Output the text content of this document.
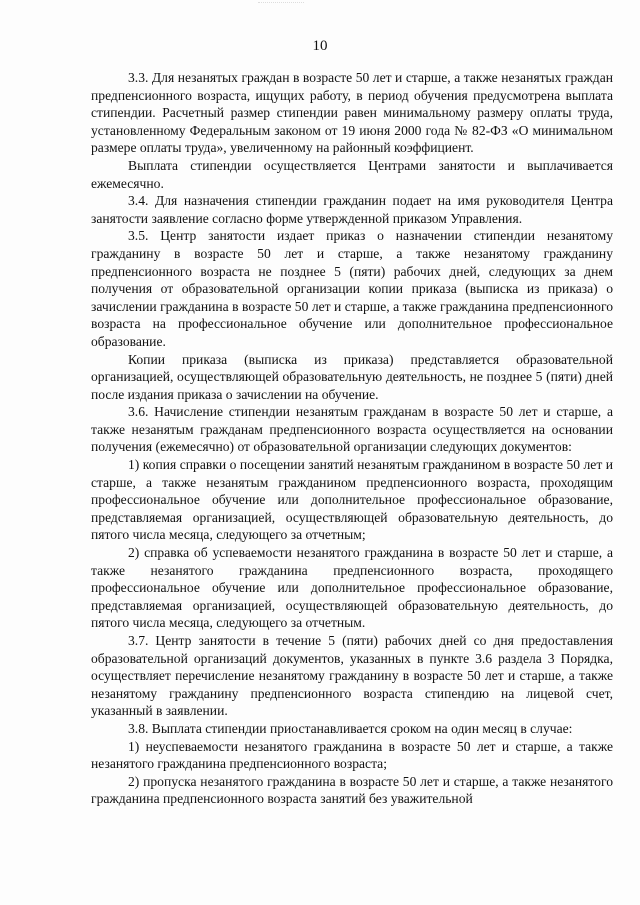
10

3.3. Для незанятых граждан в возрасте 50 лет и старше, а также незанятых граждан предпенсионного возраста, ищущих работу, в период обучения предусмотрена выплата стипендии. Расчетный размер стипендии равен минимальному размеру оплаты труда, установленному Федеральным законом от 19 июня 2000 года № 82-ФЗ «О минимальном размере оплаты труда», увеличенному на районный коэффициент.

Выплата стипендии осуществляется Центрами занятости и выплачивается ежемесячно.

3.4. Для назначения стипендии гражданин подает на имя руководителя Центра занятости заявление согласно форме утвержденной приказом Управления.

3.5. Центр занятости издает приказ о назначении стипендии незанятому гражданину в возрасте 50 лет и старше, а также незанятому гражданину предпенсионного возраста не позднее 5 (пяти) рабочих дней, следующих за днем получения от образовательной организации копии приказа (выписка из приказа) о зачислении гражданина в возрасте 50 лет и старше, а также гражданина предпенсионного возраста на профессиональное обучение или дополнительное профессиональное образование.

Копии приказа (выписка из приказа) представляется образовательной организацией, осуществляющей образовательную деятельность, не позднее 5 (пяти) дней после издания приказа о зачислении на обучение.

3.6. Начисление стипендии незанятым гражданам в возрасте 50 лет и старше, а также незанятым гражданам предпенсионного возраста осуществляется на основании получения (ежемесячно) от образовательной организации следующих документов:

1) копия справки о посещении занятий незанятым гражданином в возрасте 50 лет и старше, а также незанятым гражданином предпенсионного возраста, проходящим профессиональное обучение или дополнительное профессиональное образование, представляемая организацией, осуществляющей образовательную деятельность, до пятого числа месяца, следующего за отчетным;

2) справка об успеваемости незанятого гражданина в возрасте 50 лет и старше, а также незанятого гражданина предпенсионного возраста, проходящего профессиональное обучение или дополнительное профессиональное образование, представляемая организацией, осуществляющей образовательную деятельность, до пятого числа месяца, следующего за отчетным.

3.7. Центр занятости в течение 5 (пяти) рабочих дней со дня предоставления образовательной организаций документов, указанных в пункте 3.6 раздела 3 Порядка, осуществляет перечисление незанятому гражданину в возрасте 50 лет и старше, а также незанятому гражданину предпенсионного возраста стипендию на лицевой счет, указанный в заявлении.

3.8. Выплата стипендии приостанавливается сроком на один месяц в случае:

1) неуспеваемости незанятого гражданина в возрасте 50 лет и старше, а также незанятого гражданина предпенсионного возраста;

2) пропуска незанятого гражданина в возрасте 50 лет и старше, а также незанятого гражданина предпенсионного возраста занятий без уважительной
